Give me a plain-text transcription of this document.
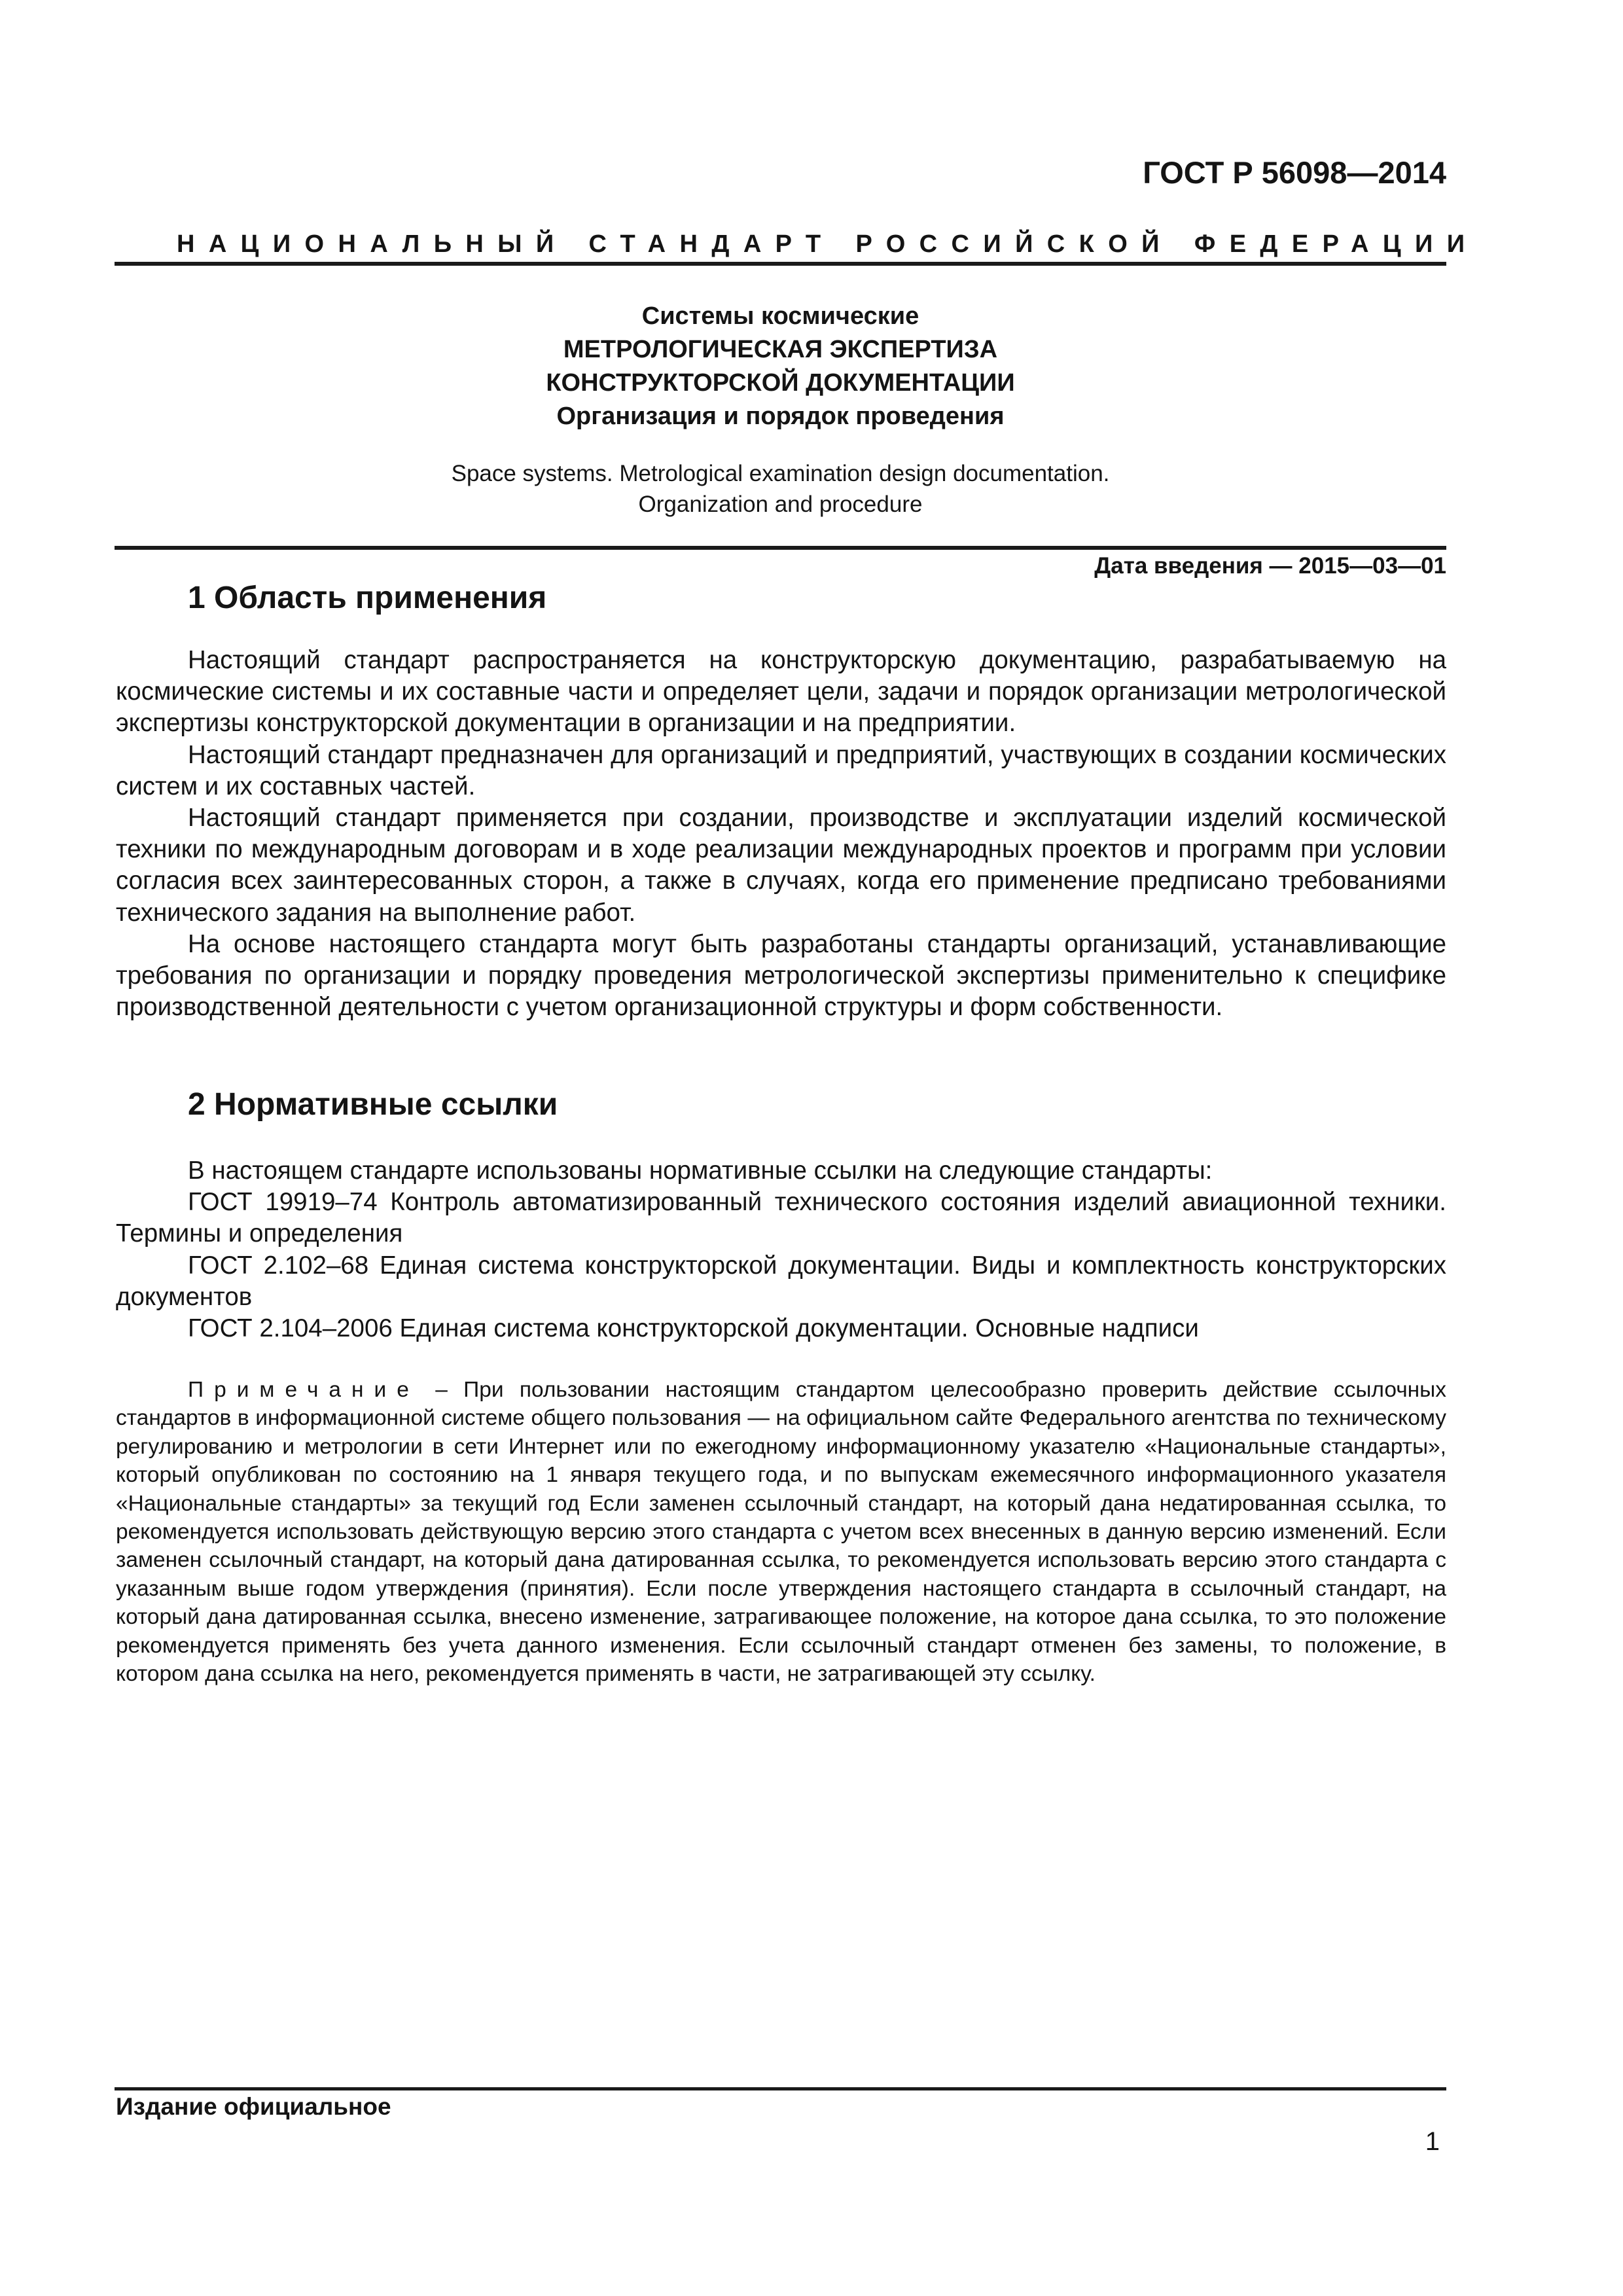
ГОСТ Р 56098—2014
НАЦИОНАЛЬНЫЙ СТАНДАРТ РОССИЙСКОЙ ФЕДЕРАЦИИ
Системы космические
МЕТРОЛОГИЧЕСКАЯ ЭКСПЕРТИЗА
КОНСТРУКТОРСКОЙ ДОКУМЕНТАЦИИ
Организация и порядок проведения
Space systems. Metrological examination design documentation.
Organization and procedure
Дата введения — 2015—03—01
1 Область применения

Настоящий стандарт распространяется на конструкторскую документацию, разрабатываемую на космические системы и их составные части и определяет цели, задачи и порядок организации метрологической экспертизы конструкторской документации в организации и на предприятии.

Настоящий стандарт предназначен для организаций и предприятий, участвующих в создании космических систем и их составных частей.

Настоящий стандарт применяется при создании, производстве и эксплуатации изделий космической техники по международным договорам и в ходе реализации международных проектов и программ при условии согласия всех заинтересованных сторон, а также в случаях, когда его применение предписано требованиями технического задания на выполнение работ.

На основе настоящего стандарта могут быть разработаны стандарты организаций, устанавливающие требования по организации и порядку проведения метрологической экспертизы применительно к специфике производственной деятельности с учетом организационной структуры и форм собственности.

2 Нормативные ссылки

В настоящем стандарте использованы нормативные ссылки на следующие стандарты:

ГОСТ 19919–74 Контроль автоматизированный технического состояния изделий авиационной техники. Термины и определения

ГОСТ 2.102–68 Единая система конструкторской документации. Виды и комплектность конструкторских документов

ГОСТ 2.104–2006 Единая система конструкторской документации. Основные надписи

Примечание – При пользовании настоящим стандартом целесообразно проверить действие ссылочных стандартов в информационной системе общего пользования — на официальном сайте Федерального агентства по техническому регулированию и метрологии в сети Интернет или по ежегодному информационному указателю «Национальные стандарты», который опубликован по состоянию на 1 января текущего года, и по выпускам ежемесячного информационного указателя «Национальные стандарты» за текущий год Если заменен ссылочный стандарт, на который дана недатированная ссылка, то рекомендуется использовать действующую версию этого стандарта с учетом всех внесенных в данную версию изменений. Если заменен ссылочный стандарт, на который дана датированная ссылка, то рекомендуется использовать версию этого стандарта с указанным выше годом утверждения (принятия). Если после утверждения настоящего стандарта в ссылочный стандарт, на который дана датированная ссылка, внесено изменение, затрагивающее положение, на которое дана ссылка, то это положение рекомендуется применять без учета данного изменения. Если ссылочный стандарт отменен без замены, то положение, в котором дана ссылка на него, рекомендуется применять в части, не затрагивающей эту ссылку.
Издание официальное
1
